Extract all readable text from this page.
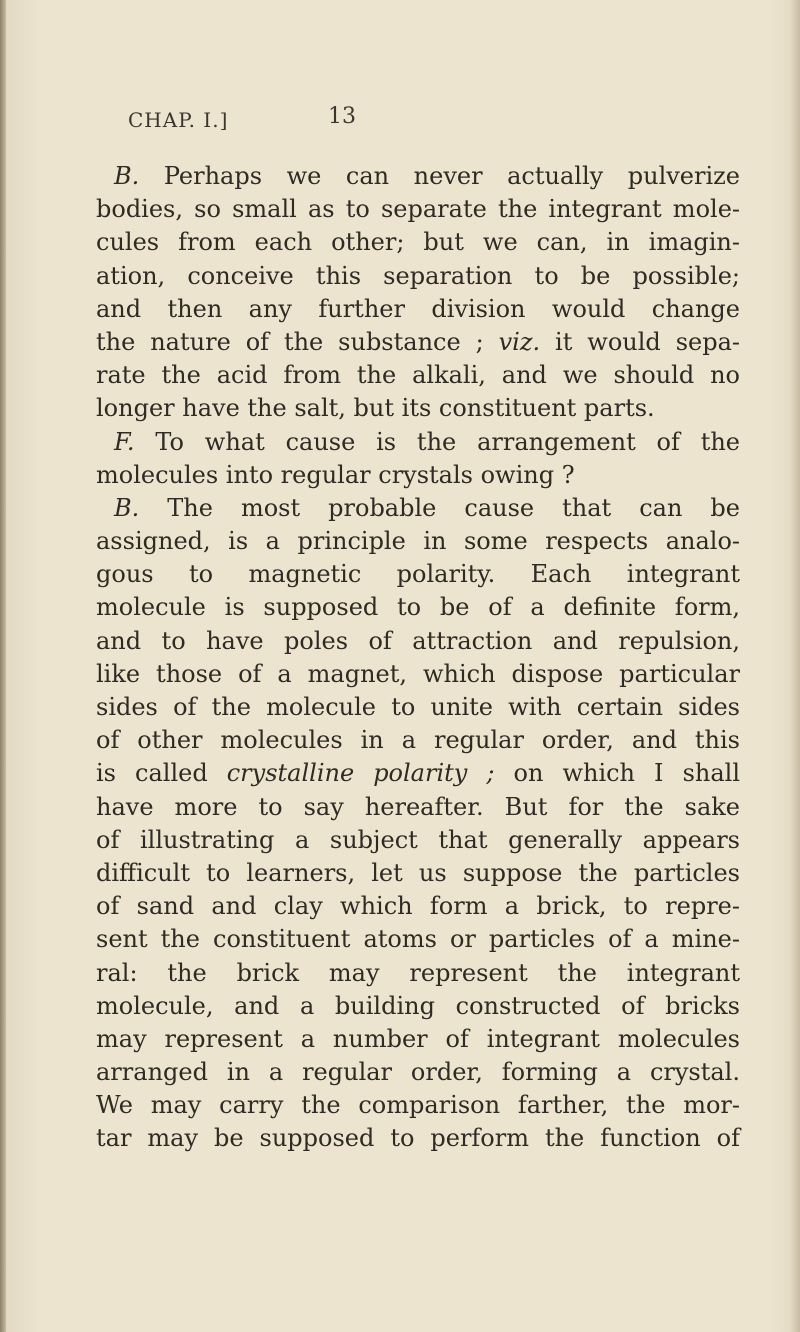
CHAP. I.]	13
B. Perhaps we can never actually pulverize
bodies, so small as to separate the integrant mole-
cules from each other; but we can, in imagin-
ation, conceive this separation to be possible;
and then any further division would change
the nature of the substance ; viz. it would sepa-
rate the acid from the alkali, and we should no
longer have the salt, but its constituent parts.
F. To what cause is the arrangement of the
molecules into regular crystals owing ?
B. The most probable cause that can be
assigned, is a principle in some respects analo-
gous to magnetic polarity. Each integrant
molecule is supposed to be of a definite form,
and to have poles of attraction and repulsion,
like those of a magnet, which dispose particular
sides of the molecule to unite with certain sides
of other molecules in a regular order, and this
is called crystalline polarity ; on which I shall
have more to say hereafter. But for the sake
of illustrating a subject that generally appears
difficult to learners, let us suppose the particles
of sand and clay which form a brick, to repre-
sent the constituent atoms or particles of a mine-
ral: the brick may represent the integrant
molecule, and a building constructed of bricks
may represent a number of integrant molecules
arranged in a regular order, forming a crystal.
We may carry the comparison farther, the mor-
tar may be supposed to perform the function of
